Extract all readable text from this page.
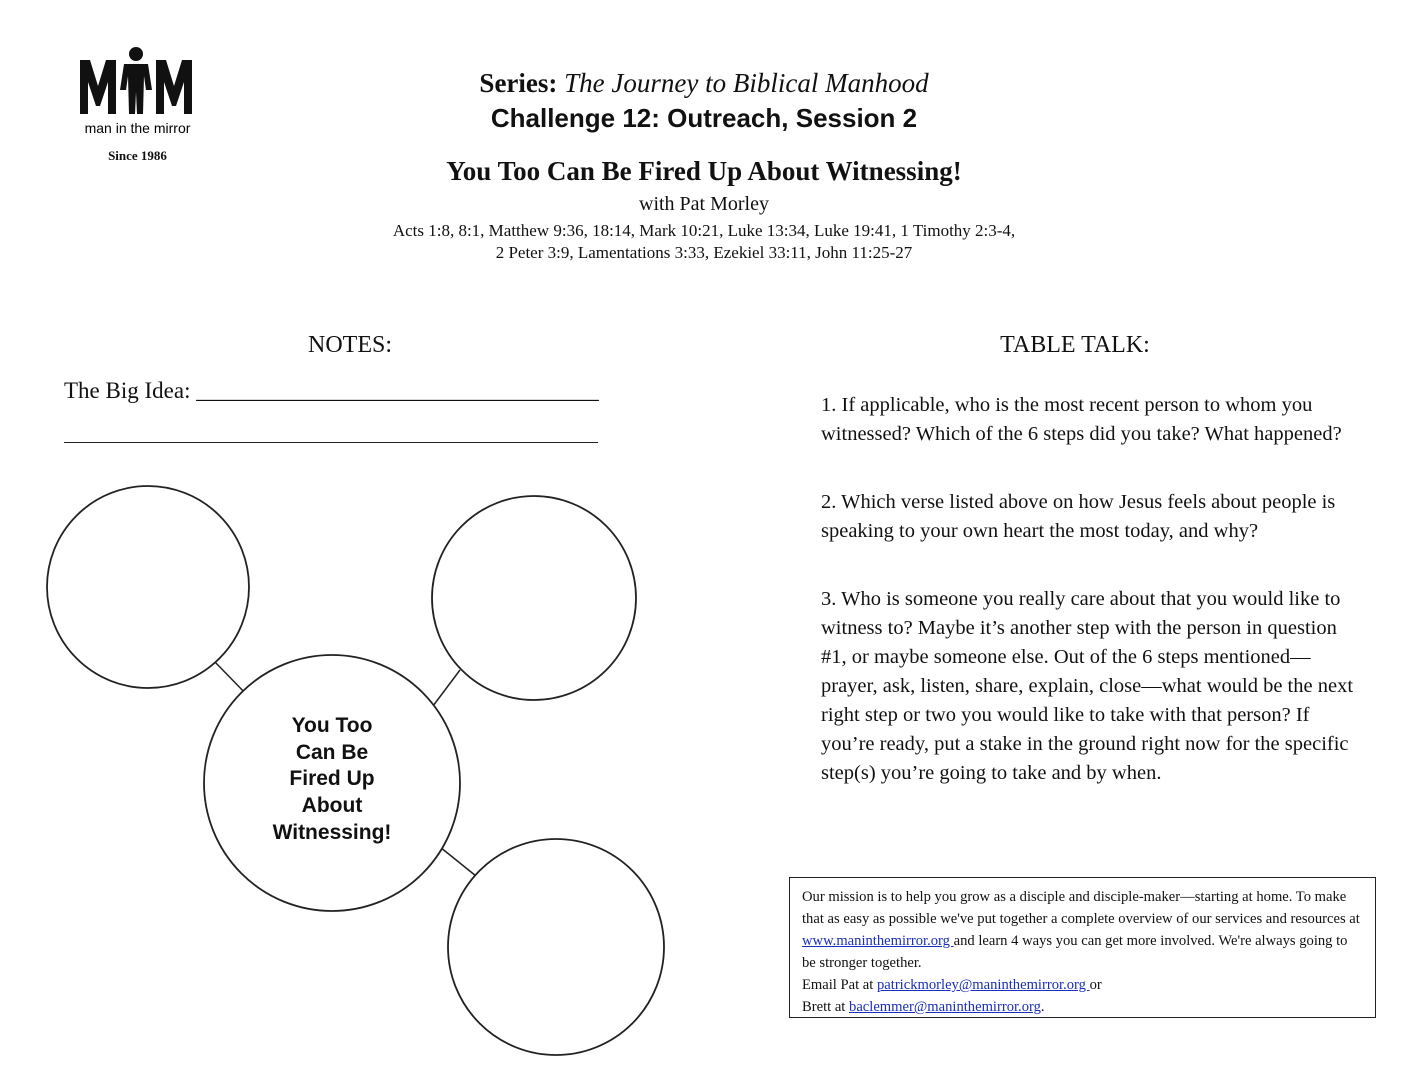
man in the mirror
Since 1986
Series: The Journey to Biblical Manhood
Challenge 12: Outreach, Session 2
You Too Can Be Fired Up About Witnessing!
with Pat Morley
Acts 1:8, 8:1, Matthew 9:36, 18:14, Mark 10:21, Luke 13:34, Luke 19:41, 1 Timothy 2:3-4,
2 Peter 3:9, Lamentations 3:33, Ezekiel 33:11, John 11:25-27
NOTES:
The Big Idea: ___________________________________
You Too
Can Be
Fired Up
About
Witnessing!
TABLE TALK:
1. If applicable, who is the most recent person to whom you witnessed? Which of the 6 steps did you take? What happened?
2. Which verse listed above on how Jesus feels about people is speaking to your own heart the most today, and why?
3. Who is someone you really care about that you would like to witness to? Maybe it’s another step with the person in question #1, or maybe someone else. Out of the 6 steps mentioned—prayer, ask, listen, share, explain, close—what would be the next right step or two you would like to take with that person? If you’re ready, put a stake in the ground right now for the specific step(s) you’re going to take and by when.
Our mission is to help you grow as a disciple and disciple-maker—starting at home. To make that as easy as possible we've put together a complete overview of our services and resources at www.maninthemirror.org and learn 4 ways you can get more involved. We're always going to be stronger together.
Email Pat at patrickmorley@maninthemirror.org or
Brett at baclemmer@maninthemirror.org.
